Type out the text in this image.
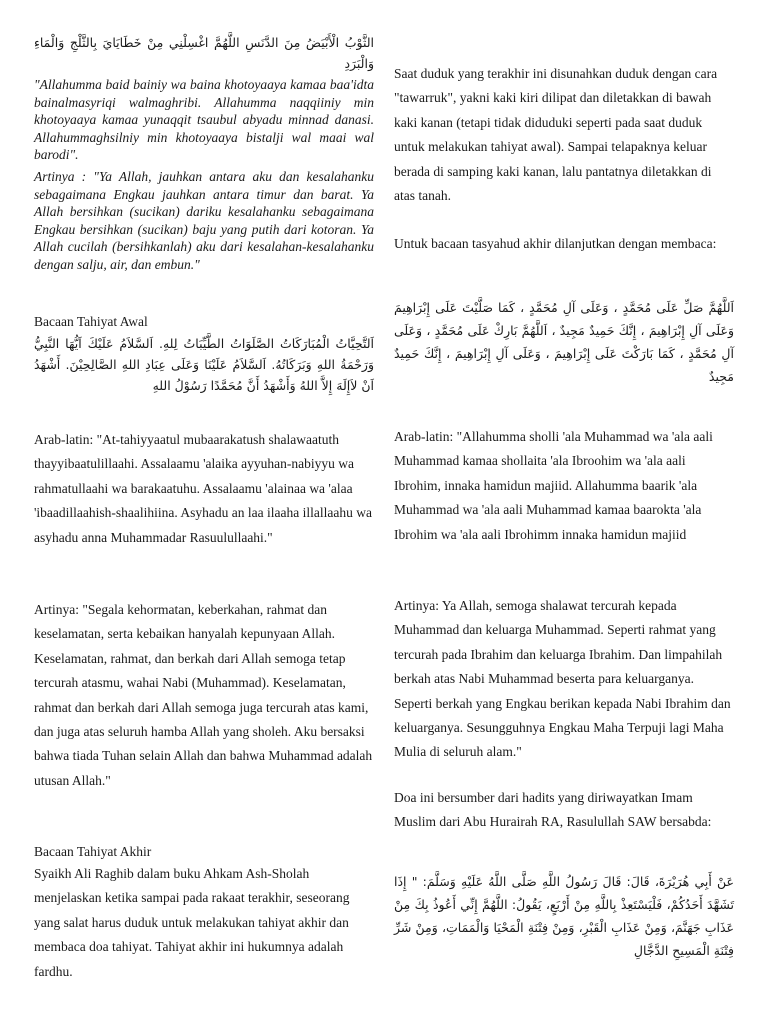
الثَّوْبُ الْأَبْيَضُ مِنَ الدَّنَسِ اللَّهُمَّ اغْسِلْنِي مِنْ خَطَايَايَ بِالثَّلْجِ وَالْمَاءِ وَالْبَرَدِ

"Allahumma baid bainiy wa baina khotoyaaya kamaa baa'idta bainalmasyriqi walmaghribi. Allahumma naqqiiniy min khotoyaaya kamaa yunaqqit tsaubul abyadu minnad danasi. Allahummaghsilniy min khotoyaaya bistalji wal maai wal barodi".

Artinya : "Ya Allah, jauhkan antara aku dan kesalahanku sebagaimana Engkau jauhkan antara timur dan barat. Ya Allah bersihkan (sucikan) dariku kesalahanku sebagaimana Engkau bersihkan (sucikan) baju yang putih dari kotoran. Ya Allah cucilah (bersihkanlah) aku dari kesalahan-kesalahanku dengan salju, air, dan embun."

Bacaan Tahiyat Awal

اَلتَّحِيَّاتُ الْمُبَارَكَاتُ الصَّلَوَاتُ الطَّيِّبَاتُ لِلهِ. اَلسَّلاَمُ عَلَيْكَ اَيُّهَا النَّبِيُّ وَرَحْمَةُ اللهِ وَبَرَكَاتُهُ. اَلسَّلاَمُ عَلَيْنَا وَعَلَى عِبَادِ اللهِ الصَّالِحِيْنَ. أَشْهَدُ اَنْ لاَإِلَهَ إِلاَّ اللهُ وَأَشْهَدُ أَنَّ مُحَمَّدًا رَسُوْلُ اللهِ

Arab-latin: "At-tahiyyaatul mubaarakatush shalawaatuth thayyibaatulillaahi. Assalaamu 'alaika ayyuhan-nabiyyu wa rahmatullaahi wa barakaatuhu. Assalaamu 'alainaa wa 'alaa 'ibaadillaahish-shaalihiina. Asyhadu an laa ilaaha illallaahu wa asyhadu anna Muhammadar Rasuulullaahi."

Artinya: "Segala kehormatan, keberkahan, rahmat dan keselamatan, serta kebaikan hanyalah kepunyaan Allah. Keselamatan, rahmat, dan berkah dari Allah semoga tetap tercurah atasmu, wahai Nabi (Muhammad). Keselamatan, rahmat dan berkah dari Allah semoga juga tercurah atas kami, dan juga atas seluruh hamba Allah yang sholeh. Aku bersaksi bahwa tiada Tuhan selain Allah dan bahwa Muhammad adalah utusan Allah."

Bacaan Tahiyat Akhir

Syaikh Ali Raghib dalam buku Ahkam Ash-Sholah menjelaskan ketika sampai pada rakaat terakhir, seseorang yang salat harus duduk untuk melakukan tahiyat akhir dan membaca doa tahiyat. Tahiyat akhir ini hukumnya adalah fardhu.

Saat duduk yang terakhir ini disunahkan duduk dengan cara "tawarruk", yakni kaki kiri dilipat dan diletakkan di bawah kaki kanan (tetapi tidak diduduki seperti pada saat duduk untuk melakukan tahiyat awal). Sampai telapaknya keluar berada di samping kaki kanan, lalu pantatnya diletakkan di atas tanah.

Untuk bacaan tasyahud akhir dilanjutkan dengan membaca:

اَللَّهُمَّ صَلِّ عَلَى مُحَمَّدٍ ، وَعَلَى آلِ مُحَمَّدٍ ، كَمَا صَلَّيْتَ عَلَى إِبْرَاهِيمَ وَعَلَى آلِ إِبْرَاهِيمَ ، إِنَّكَ حَمِيدٌ مَجِيدٌ ، اَللَّهُمَّ بَارِكْ عَلَى مُحَمَّدٍ ، وَعَلَى آلِ مُحَمَّدٍ ، كَمَا بَارَكْتَ عَلَى إِبْرَاهِيمَ ، وَعَلَى آلِ إِبْرَاهِيمَ ، إِنَّكَ حَمِيدٌ مَجِيدٌ

Arab-latin: "Allahumma sholli 'ala Muhammad wa 'ala aali Muhammad kamaa shollaita 'ala Ibroohim wa 'ala aali Ibrohim, innaka hamidun majiid. Allahumma baarik 'ala Muhammad wa 'ala aali Muhammad kamaa baarokta 'ala Ibrohim wa 'ala aali Ibrohimm innaka hamidun majiid

Artinya: Ya Allah, semoga shalawat tercurah kepada Muhammad dan keluarga Muhammad. Seperti rahmat yang tercurah pada Ibrahim dan keluarga Ibrahim. Dan limpahilah berkah atas Nabi Muhammad beserta para keluarganya. Seperti berkah yang Engkau berikan kepada Nabi Ibrahim dan keluarganya. Sesungguhnya Engkau Maha Terpuji lagi Maha Mulia di seluruh alam."

Doa ini bersumber dari hadits yang diriwayatkan Imam Muslim dari Abu Hurairah RA, Rasulullah SAW bersabda:

عَنْ أَبِي هُرَيْرَةَ، قَالَ: قَالَ رَسُولُ اللَّهِ صَلَّى اللَّهُ عَلَيْهِ وَسَلَّمَ: " إِذَا تَشَهَّدَ أَحَدُكُمْ، فَلْيَسْتَعِذْ بِاللَّهِ مِنْ أَرْبَعٍ، يَقُولُ: اللَّهُمَّ إِنِّي أَعُوذُ بِكَ مِنْ عَذَابِ جَهَنَّمَ، وَمِنْ عَذَابِ الْقَبْرِ، وَمِنْ فِتْنَةِ الْمَحْيَا وَالْمَمَاتِ، وَمِنْ شَرِّ فِتْنَةِ الْمَسِيحِ الدَّجَّالِ
